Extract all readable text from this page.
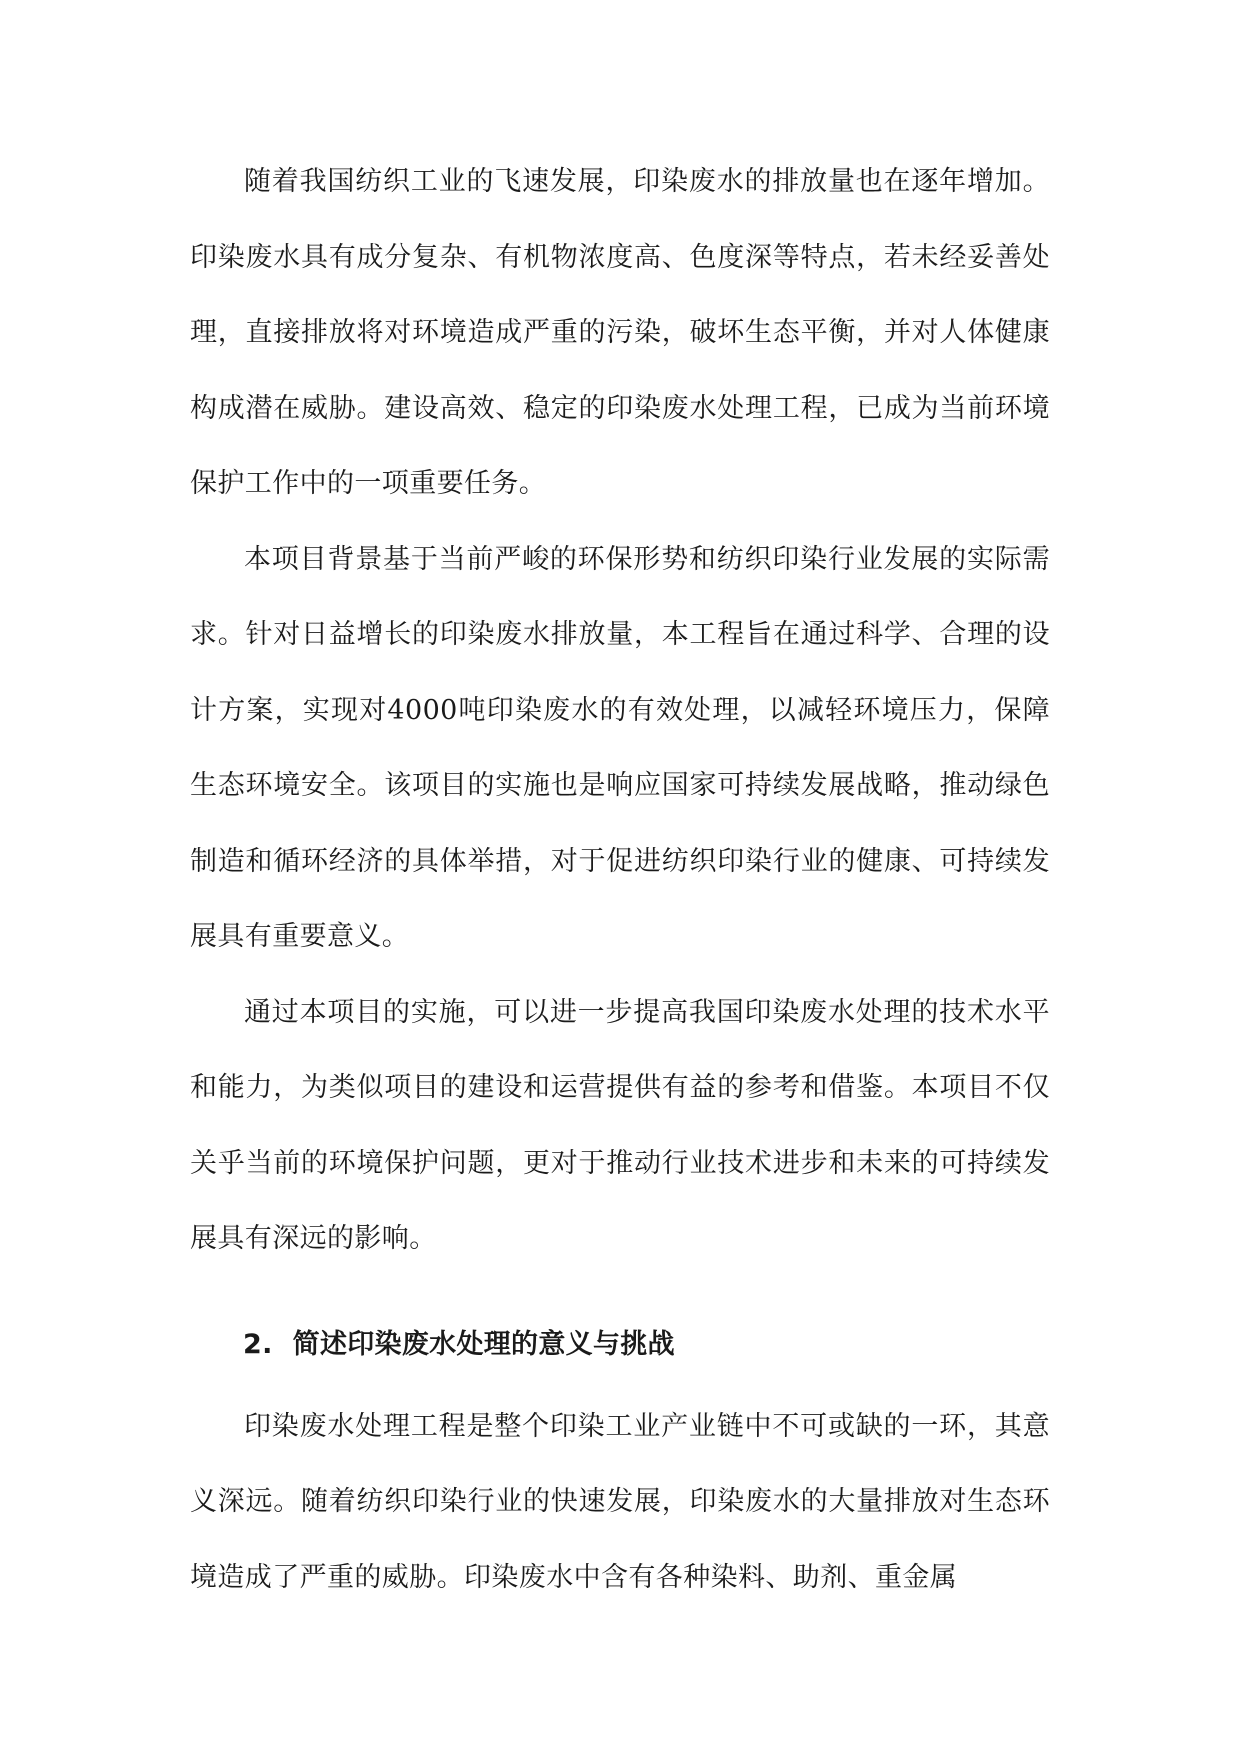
随着我国纺织工业的飞速发展，印染废水的排放量也在逐年增加。印染废水具有成分复杂、有机物浓度高、色度深等特点，若未经妥善处理，直接排放将对环境造成严重的污染，破坏生态平衡，并对人体健康构成潜在威胁。建设高效、稳定的印染废水处理工程，已成为当前环境保护工作中的一项重要任务。

本项目背景基于当前严峻的环保形势和纺织印染行业发展的实际需求。针对日益增长的印染废水排放量，本工程旨在通过科学、合理的设计方案，实现对4000吨印染废水的有效处理，以减轻环境压力，保障生态环境安全。该项目的实施也是响应国家可持续发展战略，推动绿色制造和循环经济的具体举措，对于促进纺织印染行业的健康、可持续发展具有重要意义。

通过本项目的实施，可以进一步提高我国印染废水处理的技术水平和能力，为类似项目的建设和运营提供有益的参考和借鉴。本项目不仅关乎当前的环境保护问题，更对于推动行业技术进步和未来的可持续发展具有深远的影响。

2. 简述印染废水处理的意义与挑战

印染废水处理工程是整个印染工业产业链中不可或缺的一环，其意义深远。随着纺织印染行业的快速发展，印染废水的大量排放对生态环境造成了严重的威胁。印染废水中含有各种染料、助剂、重金属
